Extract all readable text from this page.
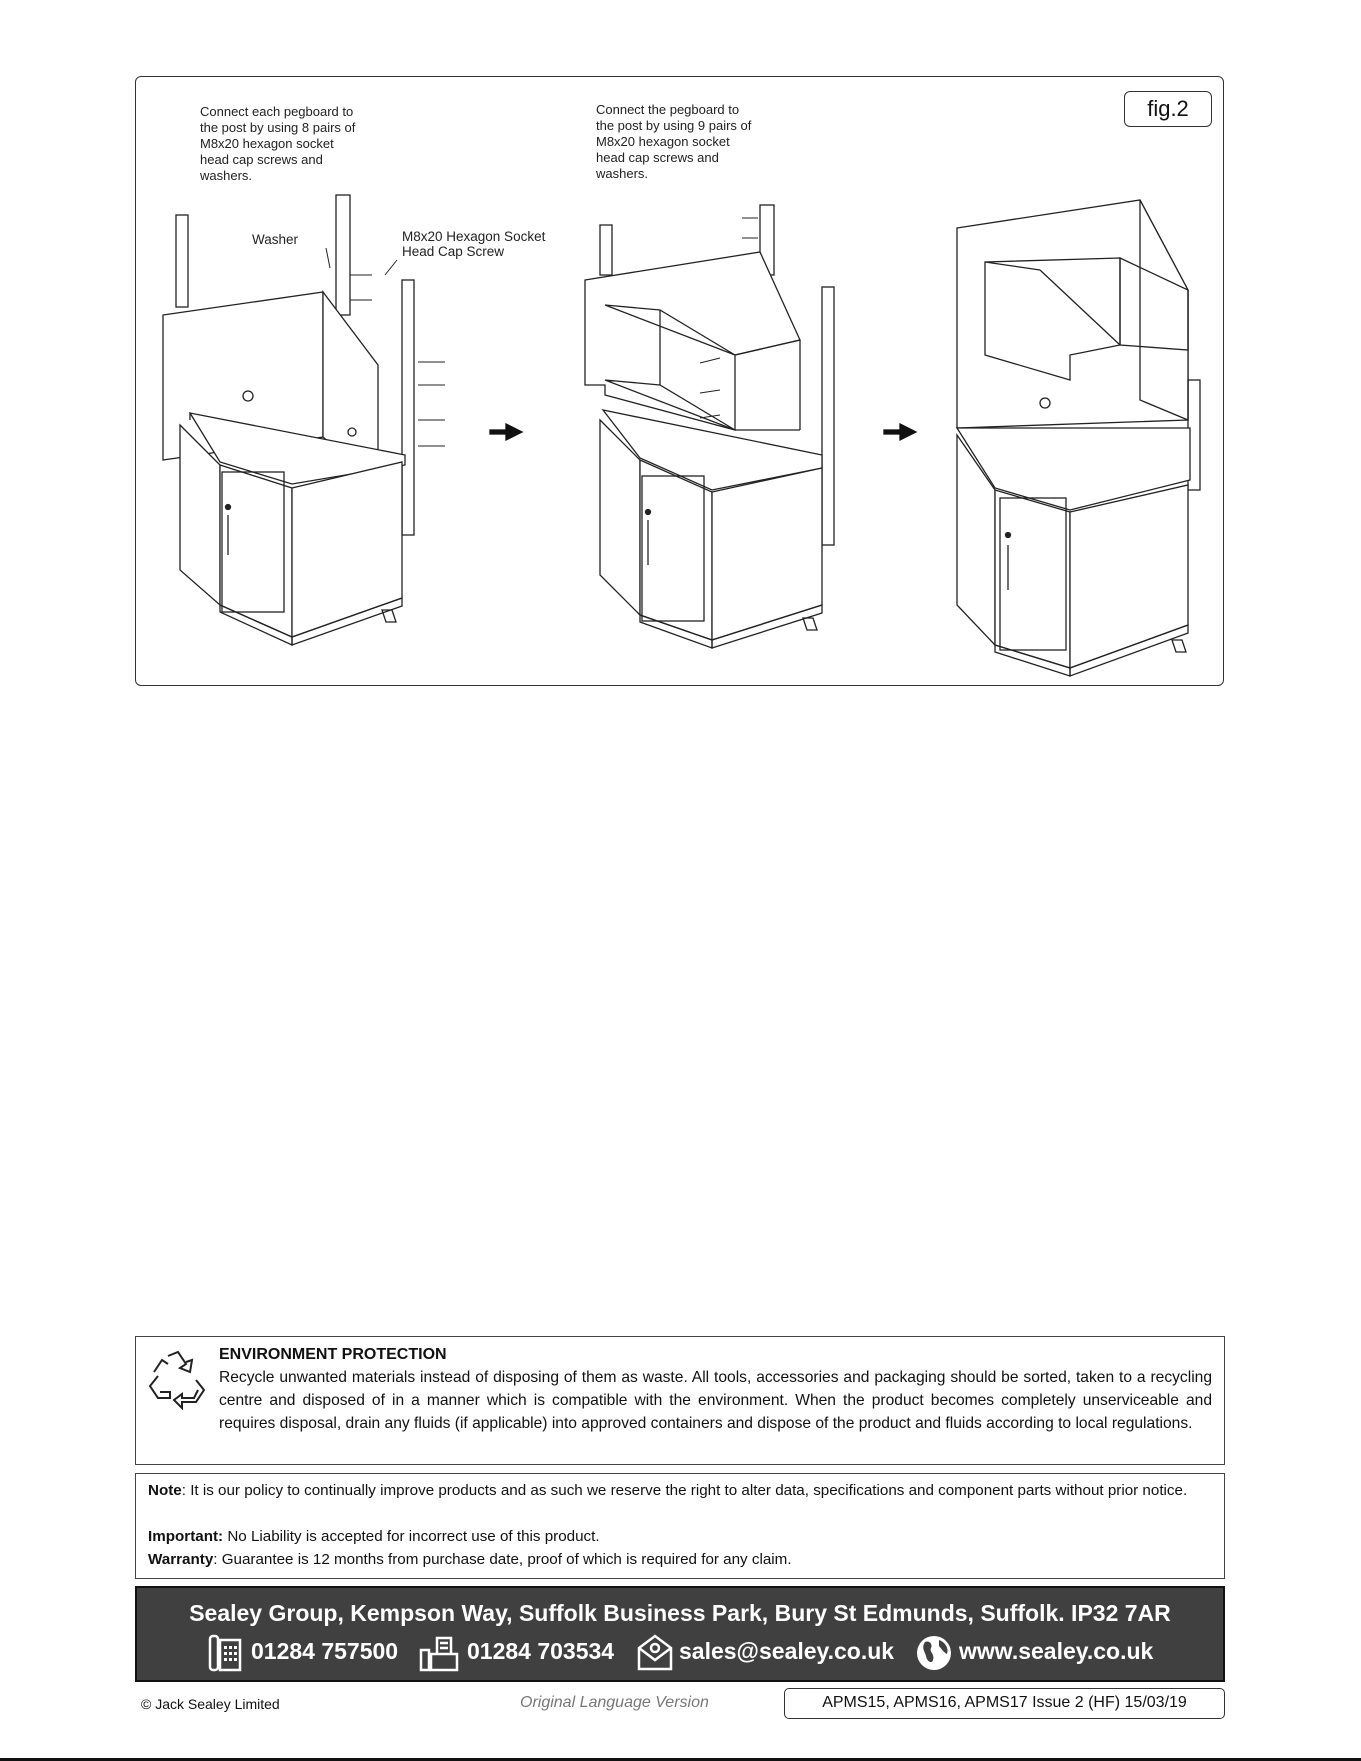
fig.2
Connect each pegboard to
the post by using 8 pairs of
M8x20 hexagon socket
head cap screws and
washers.
Connect the pegboard to
the post by using 9 pairs of
M8x20 hexagon socket
head cap screws and
washers.
Washer	M8x20 Hexagon Socket
Head Cap Screw
ENVIRONMENT PROTECTION
Recycle unwanted materials instead of disposing of them as waste. All tools, accessories and packaging should be sorted, taken to a recycling centre and disposed of in a manner which is compatible with the environment. When the product becomes completely unserviceable and requires disposal, drain any fluids (if applicable) into approved containers and dispose of the product and fluids according to local regulations.
Note: It is our policy to continually improve products and as such we reserve the right to alter data, specifications and component parts without prior notice.
Important: No Liability is accepted for incorrect use of this product.
Warranty: Guarantee is 12 months from purchase date, proof of which is required for any claim.
Sealey Group, Kempson Way, Suffolk Business Park, Bury St Edmunds, Suffolk. IP32 7AR
01284 757500	01284 703534	sales@sealey.co.uk	www.sealey.co.uk
© Jack Sealey Limited	Original Language Version	APMS15, APMS16, APMS17 Issue 2 (HF) 15/03/19
